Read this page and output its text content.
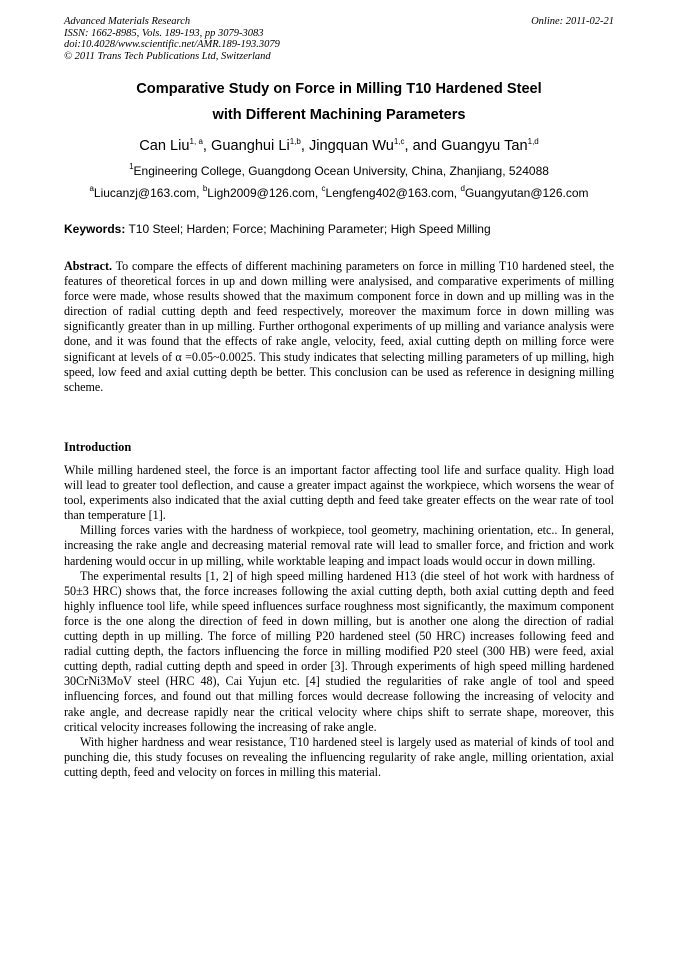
Advanced Materials Research
ISSN: 1662-8985, Vols. 189-193, pp 3079-3083
doi:10.4028/www.scientific.net/AMR.189-193.3079
© 2011 Trans Tech Publications Ltd, Switzerland
Online: 2011-02-21
Comparative Study on Force in Milling T10 Hardened Steel
with Different Machining Parameters
Can Liu$^{1, a}$, Guanghui Li$^{1,b}$, Jingquan Wu$^{1,c}$, and Guangyu Tan$^{1,d}$
$^1$Engineering College, Guangdong Ocean University, China, Zhanjiang, 524088
$^a$Liucanzj@163.com, $^b$Ligh2009@126.com, $^c$Lengfeng402@163.com, $^d$Guangyutan@126.com
Keywords: T10 Steel; Harden; Force; Machining Parameter; High Speed Milling

Abstract. To compare the effects of different machining parameters on force in milling T10 hardened steel, the features of theoretical forces in up and down milling were analysised, and comparative experiments of milling force were made, whose results showed that the maximum component force in down and up milling was in the direction of radial cutting depth and feed respectively, moreover the maximum force in down milling was significantly greater than in up milling. Further orthogonal experiments of up milling and variance analysis were done, and it was found that the effects of rake angle, velocity, feed, axial cutting depth on milling force were significant at levels of α =0.05~0.0025. This study indicates that selecting milling parameters of up milling, high speed, low feed and axial cutting depth be better. This conclusion can be used as reference in designing milling scheme.

Introduction

While milling hardened steel, the force is an important factor affecting tool life and surface quality. High load will lead to greater tool deflection, and cause a greater impact against the workpiece, which worsens the wear of tool, experiments also indicated that the axial cutting depth and feed take greater effects on the wear rate of tool than temperature [1].

Milling forces varies with the hardness of workpiece, tool geometry, machining orientation, etc.. In general, increasing the rake angle and decreasing material removal rate will lead to smaller force, and friction and work hardening would occur in up milling, while worktable leaping and impact loads would occur in down milling.

The experimental results [1, 2] of high speed milling hardened H13 (die steel of hot work with hardness of 50±3 HRC) shows that, the force increases following the axial cutting depth, both axial cutting depth and feed highly influence tool life, while speed influences surface roughness most significantly, the maximum component force is the one along the direction of feed in down milling, but is another one along the direction of radial cutting depth in up milling. The force of milling P20 hardened steel (50 HRC) increases following feed and radial cutting depth, the factors influencing the force in milling modified P20 steel (300 HB) were feed, axial cutting depth, radial cutting depth and speed in order [3]. Through experiments of high speed milling hardened 30CrNi3MoV steel (HRC 48), Cai Yujun etc. [4] studied the regularities of rake angle of tool and speed influencing forces, and found out that milling forces would decrease following the increasing of velocity and rake angle, and decrease rapidly near the critical velocity where chips shift to serrate shape, moreover, this critical velocity increases following the increasing of rake angle.

With higher hardness and wear resistance, T10 hardened steel is largely used as material of kinds of tool and punching die, this study focuses on revealing the influencing regularity of rake angle, milling orientation, axial cutting depth, feed and velocity on forces in milling this material.
